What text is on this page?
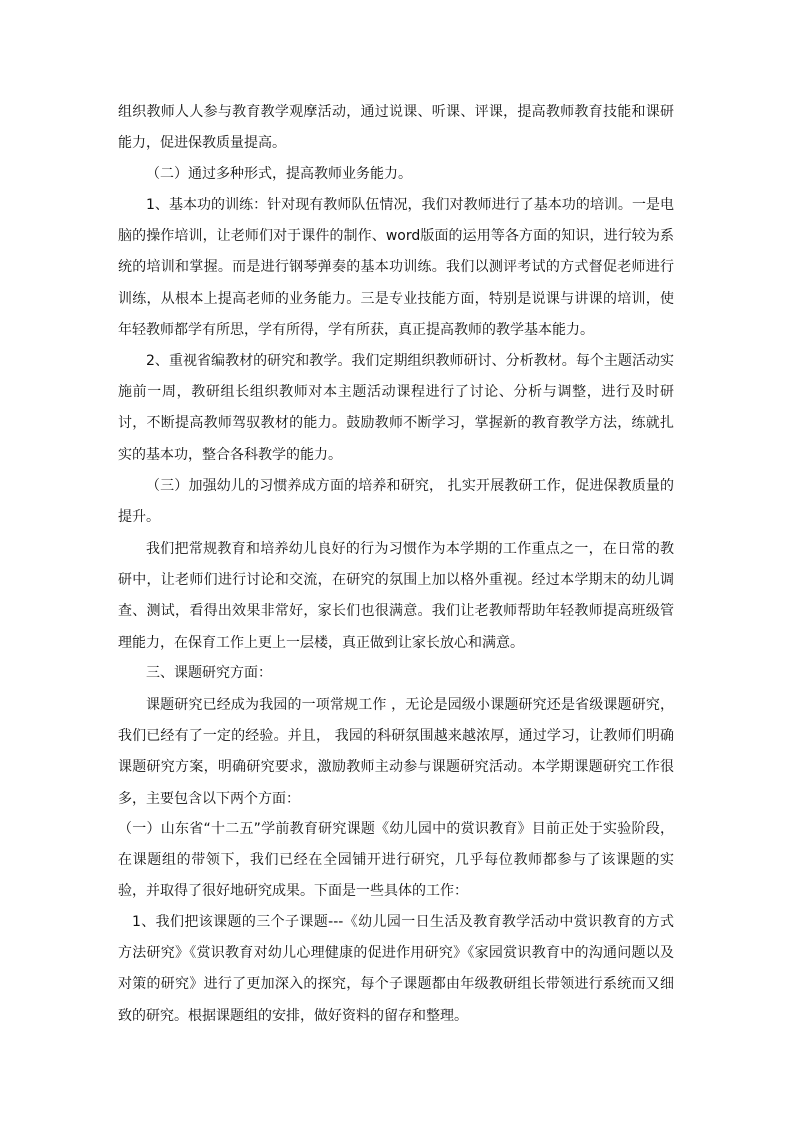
组织教师人人参与教育教学观摩活动，通过说课、听课、评课，提高教师教育技能和课研能力，促进保教质量提高。

（二）通过多种形式，提高教师业务能力。

1、基本功的训练：针对现有教师队伍情况，我们对教师进行了基本功的培训。一是电脑的操作培训，让老师们对于课件的制作、word版面的运用等各方面的知识，进行较为系统的培训和掌握。而是进行钢琴弹奏的基本功训练。我们以测评考试的方式督促老师进行训练，从根本上提高老师的业务能力。三是专业技能方面，特别是说课与讲课的培训，使年轻教师都学有所思，学有所得，学有所获，真正提高教师的教学基本能力。

2、重视省编教材的研究和教学。我们定期组织教师研讨、分析教材。每个主题活动实施前一周，教研组长组织教师对本主题活动课程进行了讨论、分析与调整，进行及时研讨，不断提高教师驾驭教材的能力。鼓励教师不断学习，掌握新的教育教学方法，练就扎实的基本功，整合各科教学的能力。

（三）加强幼儿的习惯养成方面的培养和研究， 扎实开展教研工作，促进保教质量的提升。

我们把常规教育和培养幼儿良好的行为习惯作为本学期的工作重点之一，在日常的教研中，让老师们进行讨论和交流，在研究的氛围上加以格外重视。经过本学期末的幼儿调查、测试，看得出效果非常好，家长们也很满意。我们让老教师帮助年轻教师提高班级管理能力，在保育工作上更上一层楼，真正做到让家长放心和满意。

三、课题研究方面：

课题研究已经成为我园的一项常规工作 ，无论是园级小课题研究还是省级课题研究，我们已经有了一定的经验。并且， 我园的科研氛围越来越浓厚，通过学习，让教师们明确课题研究方案，明确研究要求，激励教师主动参与课题研究活动。本学期课题研究工作很多，主要包含以下两个方面：

（一）山东省“十二五”学前教育研究课题《幼儿园中的赏识教育》目前正处于实验阶段，在课题组的带领下，我们已经在全园铺开进行研究，几乎每位教师都参与了该课题的实验，并取得了很好地研究成果。下面是一些具体的工作：

1、我们把该课题的三个子课题---《幼儿园一日生活及教育教学活动中赏识教育的方式方法研究》《赏识教育对幼儿心理健康的促进作用研究》《家园赏识教育中的沟通问题以及对策的研究》进行了更加深入的探究，每个子课题都由年级教研组长带领进行系统而又细致的研究。根据课题组的安排，做好资料的留存和整理。
